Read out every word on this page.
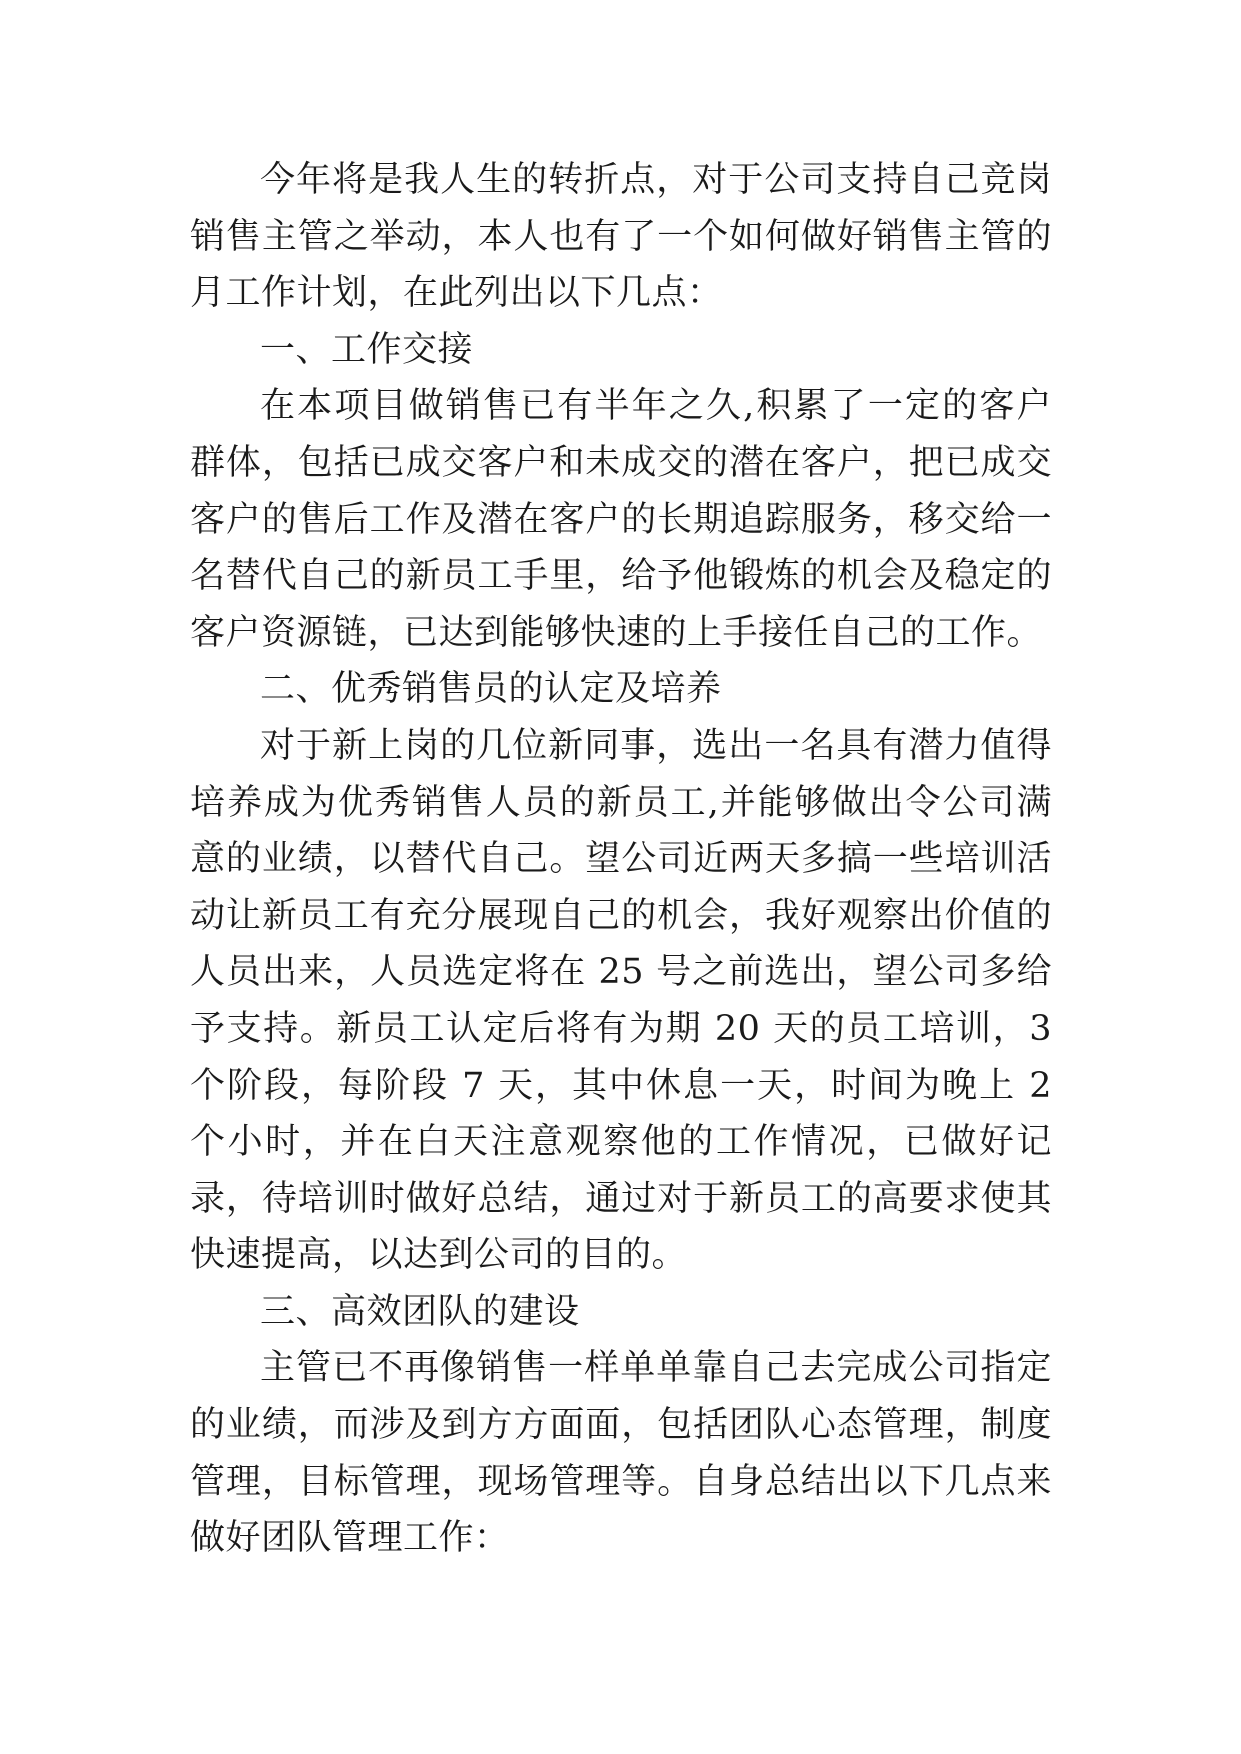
今年将是我人生的转折点，对于公司支持自己竞岗销售主管之举动，本人也有了一个如何做好销售主管的月工作计划，在此列出以下几点：

一、工作交接

在本项目做销售已有半年之久,积累了一定的客户群体，包括已成交客户和未成交的潜在客户，把已成交客户的售后工作及潜在客户的长期追踪服务，移交给一名替代自己的新员工手里，给予他锻炼的机会及稳定的客户资源链，已达到能够快速的上手接任自己的工作。

二、优秀销售员的认定及培养

对于新上岗的几位新同事，选出一名具有潜力值得培养成为优秀销售人员的新员工,并能够做出令公司满意的业绩，以替代自己。望公司近两天多搞一些培训活动让新员工有充分展现自己的机会，我好观察出价值的人员出来，人员选定将在 25 号之前选出，望公司多给予支持。新员工认定后将有为期 20 天的员工培训，3 个阶段，每阶段 7 天，其中休息一天，时间为晚上 2 个小时，并在白天注意观察他的工作情况，已做好记录，待培训时做好总结，通过对于新员工的高要求使其快速提高，以达到公司的目的。

三、高效团队的建设

主管已不再像销售一样单单靠自己去完成公司指定的业绩，而涉及到方方面面，包括团队心态管理，制度管理，目标管理，现场管理等。自身总结出以下几点来做好团队管理工作：
